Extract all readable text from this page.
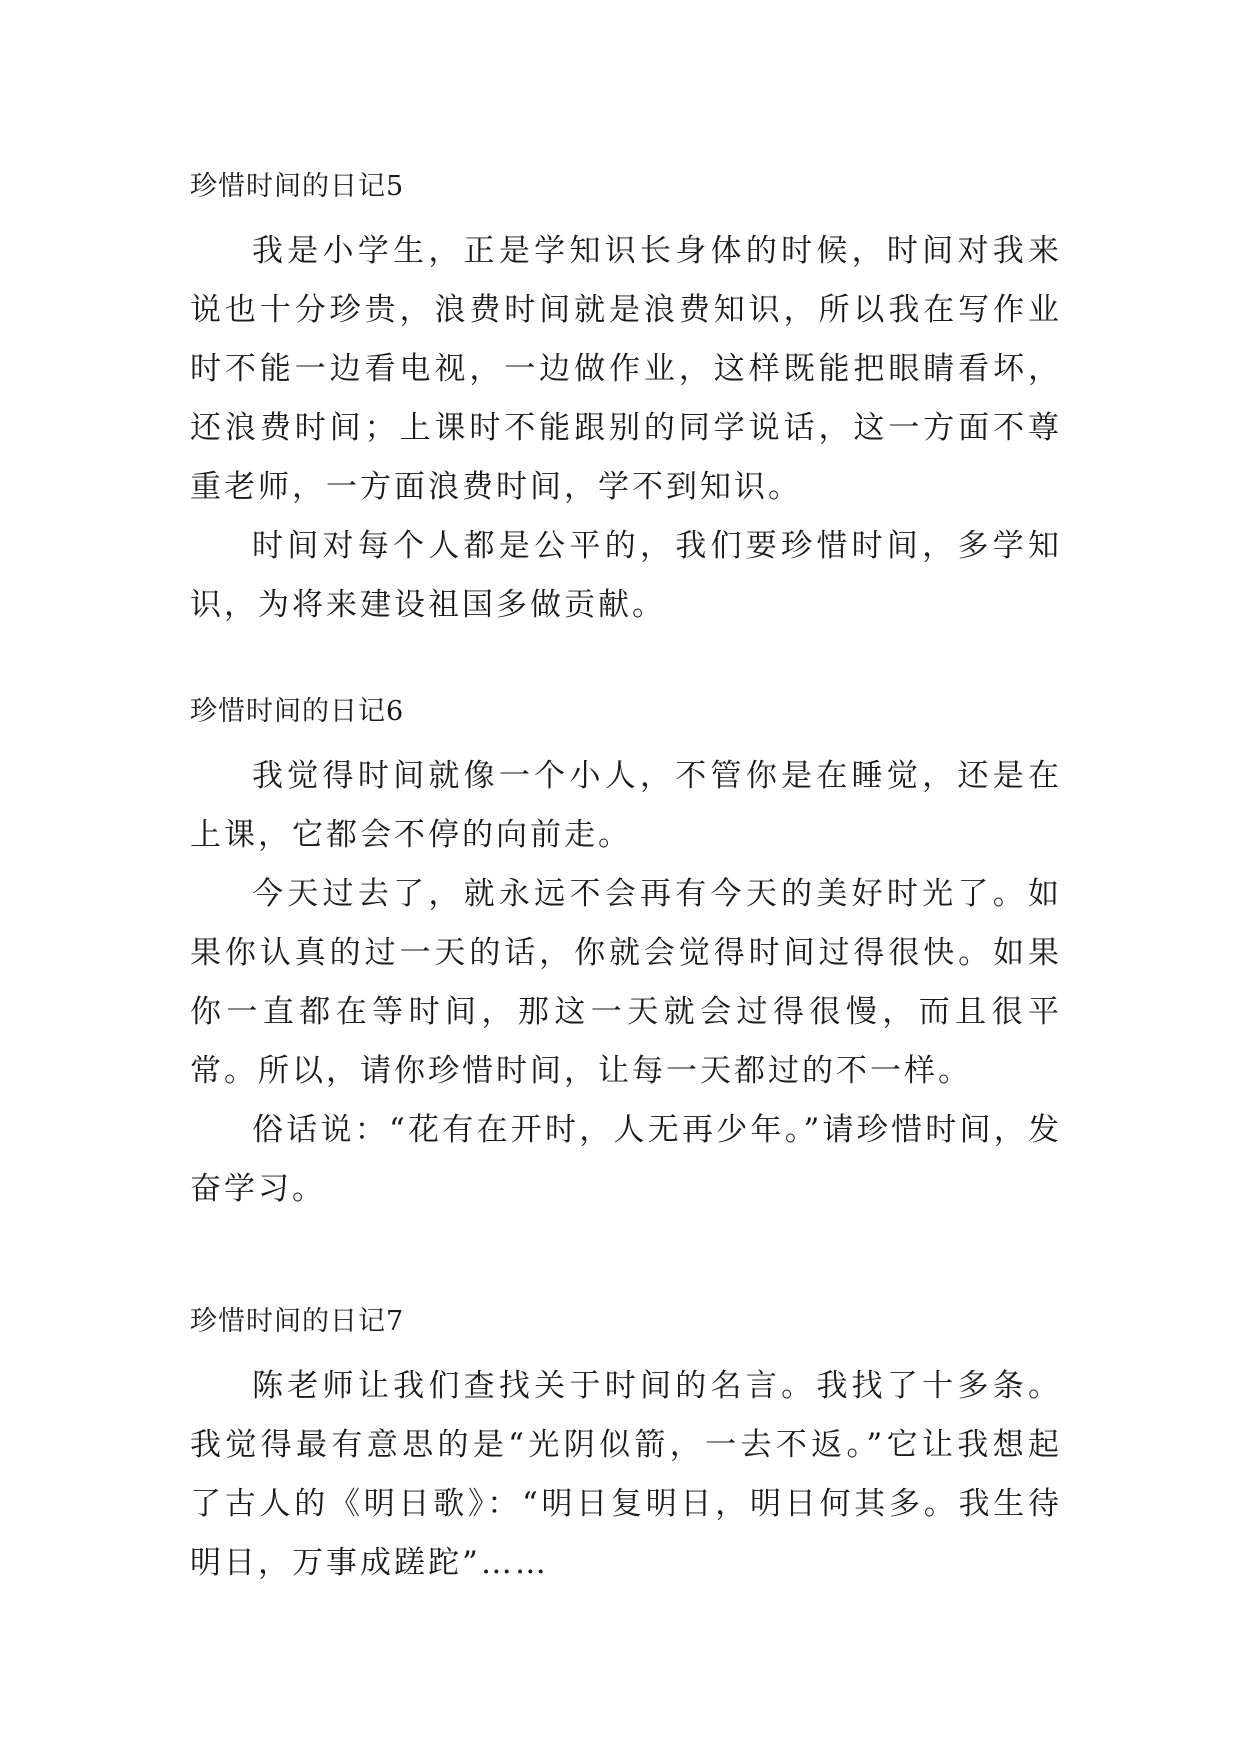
珍惜时间的日记5

我是小学生，正是学知识长身体的时候，时间对我来说也十分珍贵，浪费时间就是浪费知识，所以我在写作业时不能一边看电视，一边做作业，这样既能把眼睛看坏，还浪费时间；上课时不能跟别的同学说话，这一方面不尊重老师，一方面浪费时间，学不到知识。

时间对每个人都是公平的，我们要珍惜时间，多学知识，为将来建设祖国多做贡献。

珍惜时间的日记6

我觉得时间就像一个小人，不管你是在睡觉，还是在上课，它都会不停的向前走。

今天过去了，就永远不会再有今天的美好时光了。如果你认真的过一天的话，你就会觉得时间过得很快。如果你一直都在等时间，那这一天就会过得很慢，而且很平常。所以，请你珍惜时间，让每一天都过的不一样。

俗话说：“花有在开时，人无再少年。”请珍惜时间，发奋学习。

珍惜时间的日记7

陈老师让我们查找关于时间的名言。我找了十多条。我觉得最有意思的是“光阴似箭，一去不返。”它让我想起了古人的《明日歌》：“明日复明日，明日何其多。我生待明日，万事成蹉跎”……
